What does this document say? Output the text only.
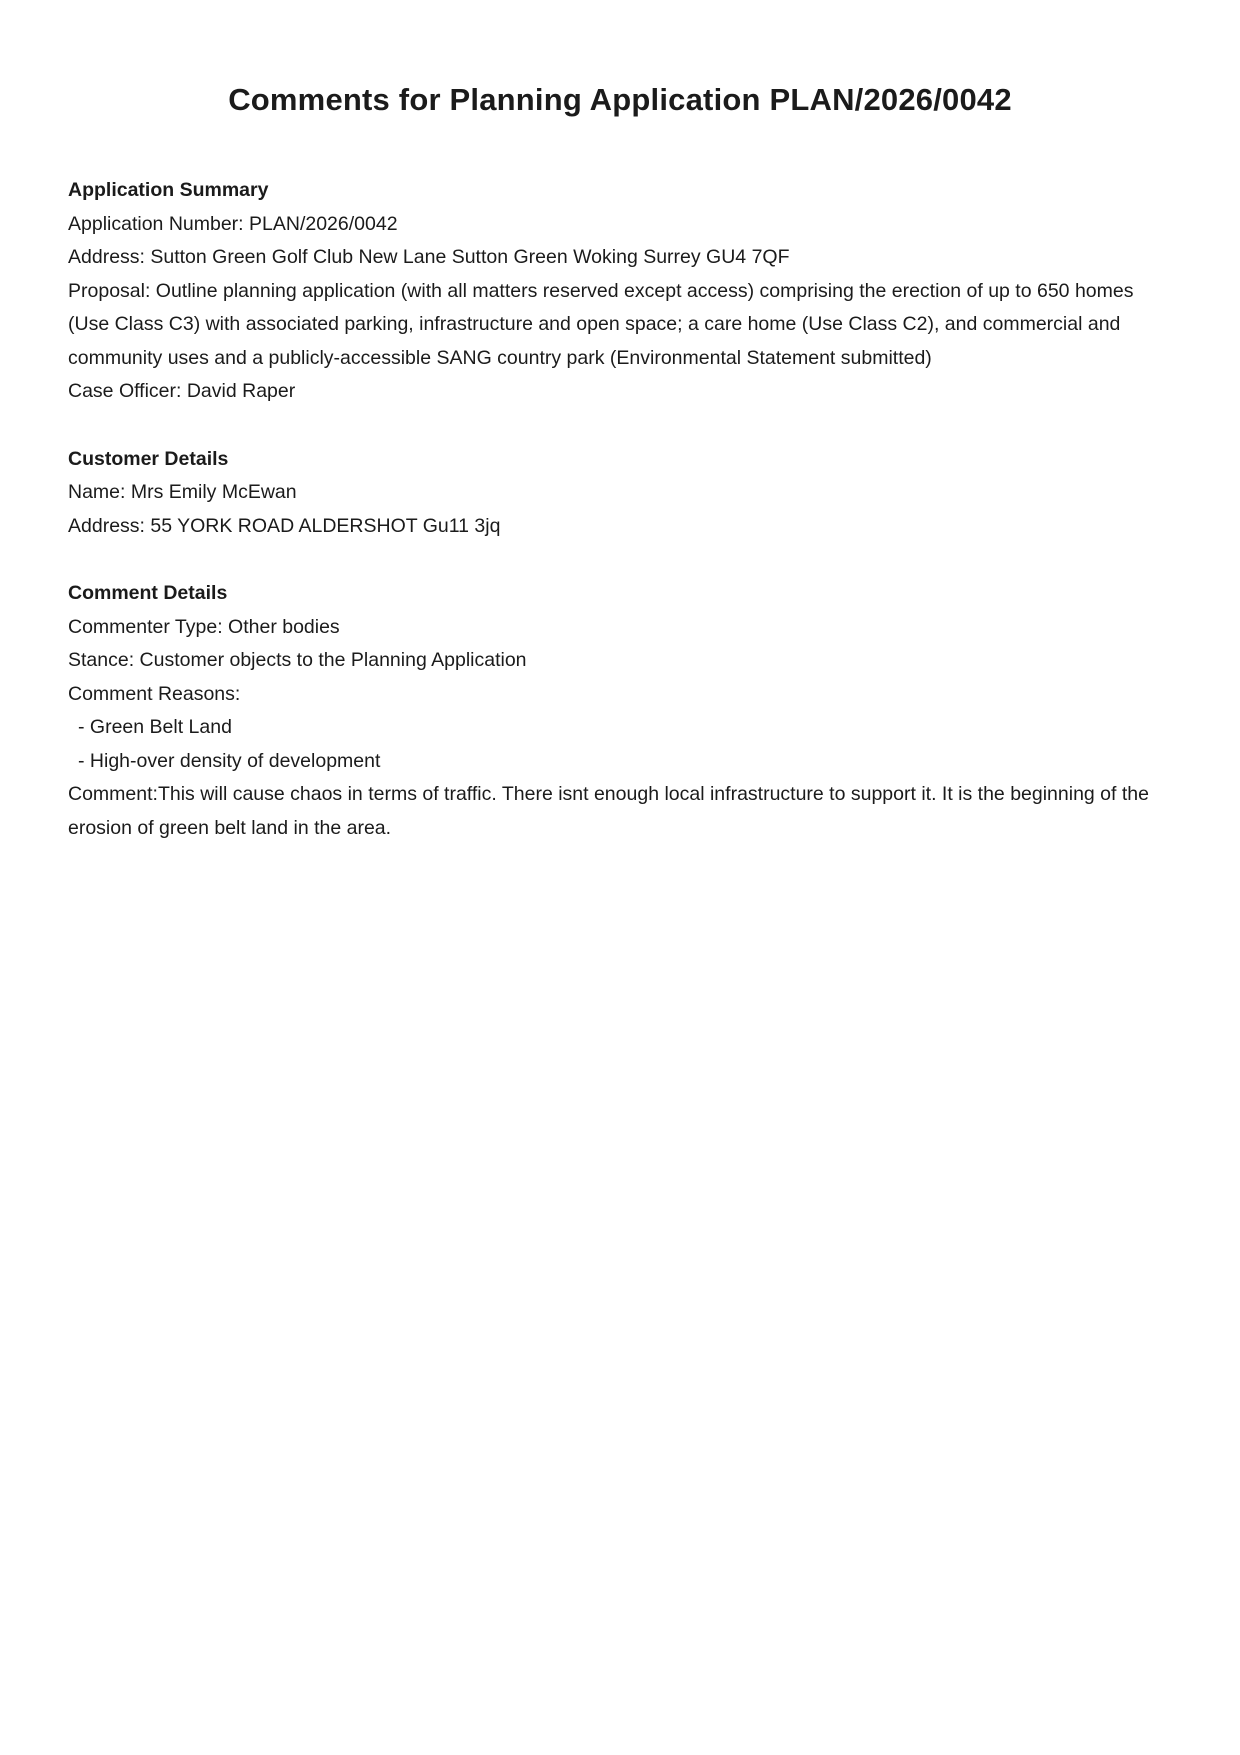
Comments for Planning Application PLAN/2026/0042
Application Summary

Application Number: PLAN/2026/0042

Address: Sutton Green Golf Club New Lane Sutton Green Woking Surrey GU4 7QF

Proposal: Outline planning application (with all matters reserved except access) comprising the erection of up to 650 homes (Use Class C3) with associated parking, infrastructure and open space; a care home (Use Class C2), and commercial and community uses and a publicly-accessible SANG country park (Environmental Statement submitted)

Case Officer: David Raper

Customer Details

Name: Mrs Emily McEwan

Address: 55 YORK ROAD ALDERSHOT Gu11 3jq

Comment Details

Commenter Type: Other bodies

Stance: Customer objects to the Planning Application

Comment Reasons:

- Green Belt Land

- High-over density of development

Comment:This will cause chaos in terms of traffic. There isnt enough local infrastructure to support it. It is the beginning of the erosion of green belt land in the area.
